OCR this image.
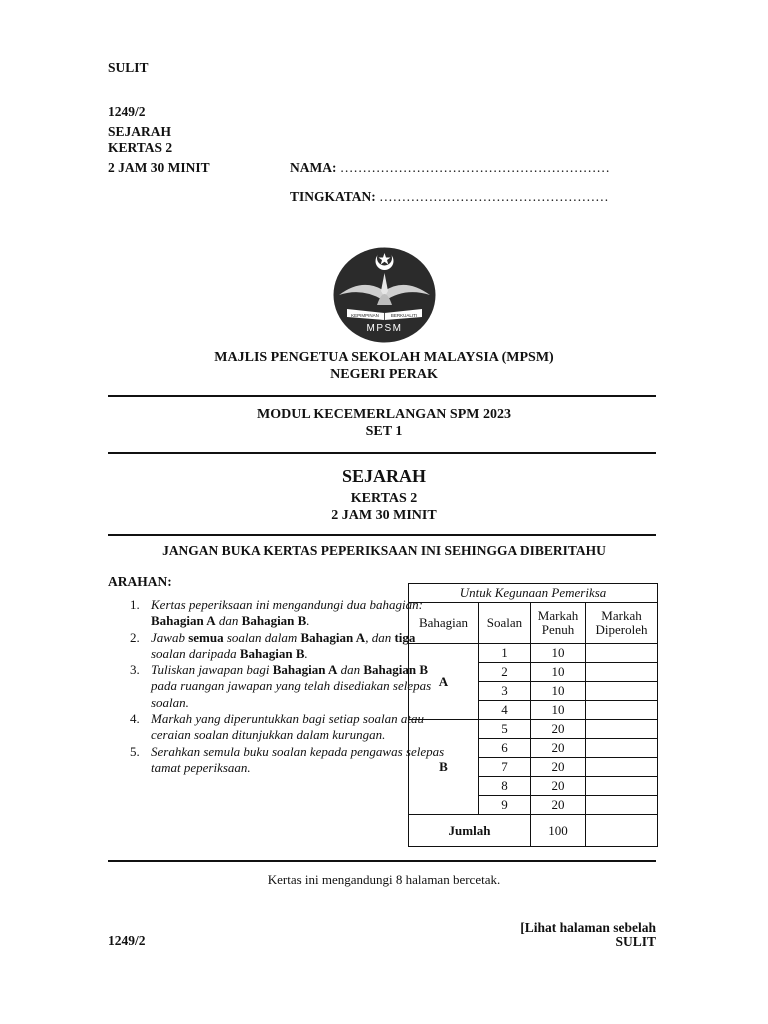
SULIT
1249/2
SEJARAH
KERTAS 2
2 JAM 30 MINIT	NAMA: ……………………………………………………
TINGKATAN: ……………………………………………
KEPIMPINAN	BERKUALITI
MPSM
MAJLIS PENGETUA SEKOLAH MALAYSIA (MPSM)
NEGERI PERAK
MODUL KECEMERLANGAN SPM 2023
SET 1
SEJARAH
KERTAS 2
2 JAM 30 MINIT
JANGAN BUKA KERTAS PEPERIKSAAN INI SEHINGGA DIBERITAHU
ARAHAN:
1. Kertas peperiksaan ini mengandungi dua bahagian: Bahagian A dan Bahagian B.
2. Jawab semua soalan dalam Bahagian A, dan tiga soalan daripada Bahagian B.
3. Tuliskan jawapan bagi Bahagian A dan Bahagian B pada ruangan jawapan yang telah disediakan selepas soalan.
4. Markah yang diperuntukkan bagi setiap soalan atau ceraian soalan ditunjukkan dalam kurungan.
5. Serahkan semula buku soalan kepada pengawas selepas tamat peperiksaan.
Untuk Kegunaan Pemeriksa			
Bahagian	Soalan	Markah Penuh	Markah Diperoleh
A	1	10	
	2	10	
	3	10	
	4	10	
B	5	20	
	6	20	
	7	20	
	8	20	
	9	20	
Jumlah		100	
Kertas ini mengandungi 8 halaman bercetak.
1249/2
[Lihat halaman sebelah
SULIT
